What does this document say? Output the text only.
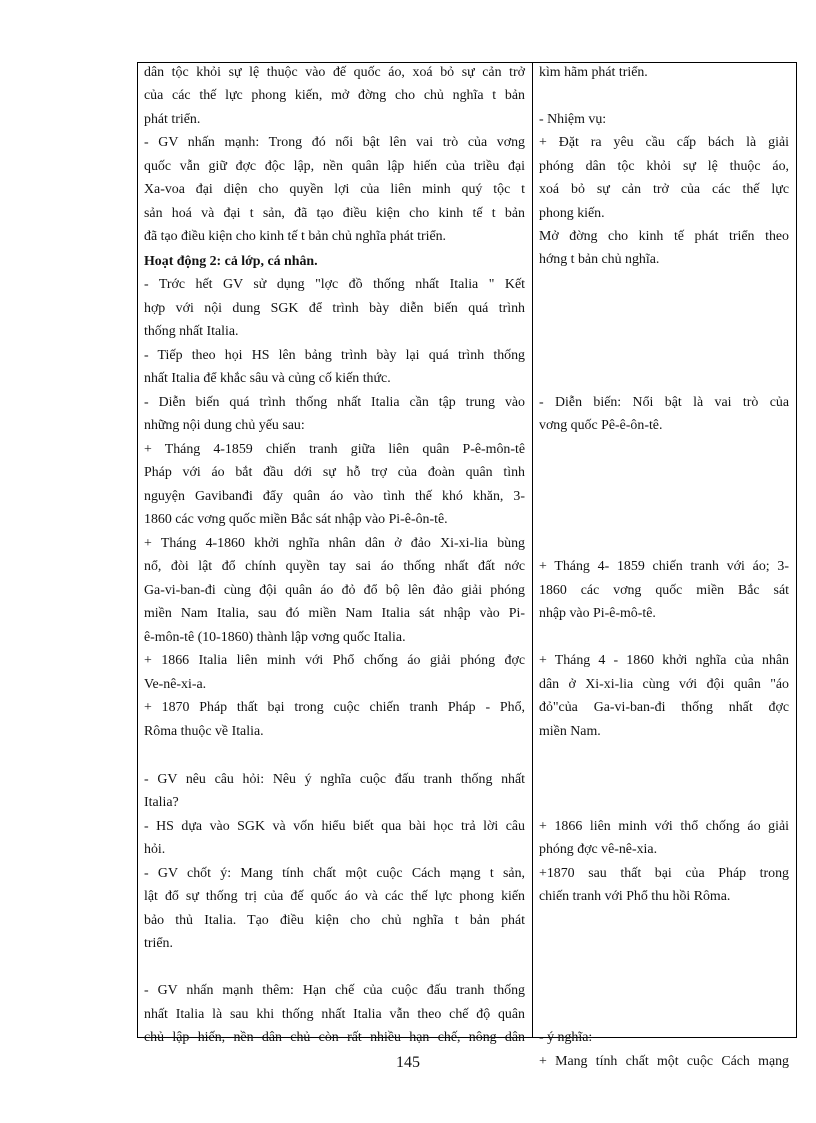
dân tộc khỏi sự lệ thuộc vào đế quốc áo, xoá bỏ sự cản trở
của các thế lực phong kiến, mở đờng cho chủ nghĩa t bản
phát triển.
- GV nhấn mạnh: Trong đó nổi bật lên vai trò của vơng
quốc vẫn giữ đợc độc lập, nền quân lập hiến của triều đại
Xa-voa đại diện cho quyền lợi của liên minh quý tộc t
sản hoá và đại t sản, đã tạo điều kiện cho kinh tế t bản
đã tạo điều kiện cho kinh tế t bản chủ nghĩa phát triển.
Hoạt động 2: cả lớp, cá nhân.
- Trớc hết GV sử dụng "lợc đồ thống nhất Italia " Kết
hợp với nội dung SGK để trình bày diễn biến quá trình
thống nhất Italia.
- Tiếp theo họi HS lên bảng trình bày lại quá trình thống
nhất Italia để khắc sâu và củng cố kiến thức.
- Diễn biến quá trình thống nhất Italia cần tập trung vào
những nội dung chủ yếu sau:
+ Tháng 4-1859 chiến tranh giữa liên quân P-ê-môn-tê
Pháp với áo bắt đầu dới sự hỗ trợ của đoàn quân tình
nguyện Gavibanđi đẩy quân áo vào tình thế khó khăn, 3-
1860 các vơng quốc miền Bắc sát nhập vào Pi-ê-ôn-tê.
+ Tháng 4-1860 khởi nghĩa nhân dân ở đảo Xi-xi-lia bùng
nổ, đòi lật đổ chính quyền tay sai áo thống nhất đất nớc
Ga-vi-ban-đi cùng đội quân áo đỏ đổ bộ lên đảo giải phóng
miền Nam Italia, sau đó miền Nam Italia sát nhập vào Pi-
ê-môn-tê (10-1860) thành lập vơng quốc Italia.
+ 1866 Italia liên minh với Phổ chống áo giải phóng đợc
Ve-nê-xi-a.
+ 1870 Pháp thất bại trong cuộc chiến tranh Pháp - Phổ,
Rôma thuộc về Italia.
- GV nêu câu hỏi: Nêu ý nghĩa cuộc đấu tranh thống nhất
Italia?
- HS dựa vào SGK và vốn hiểu biết qua bài học trả lời câu
hỏi.
- GV chốt ý: Mang tính chất một cuộc Cách mạng t sản,
lật đổ sự thống trị của đế quốc áo và các thế lực phong kiến
bảo thủ Italia. Tạo điều kiện cho chủ nghĩa t bản phát
triển.
- GV nhấn mạnh thêm: Hạn chế của cuộc đấu tranh thống
nhất Italia là sau khi thống nhất Italia vẫn theo chế độ quân
chủ lập hiến, nền dân chủ còn rất nhiều hạn chế, nông dân
kìm hãm phát triển.
- Nhiệm vụ:
+ Đặt ra yêu cầu cấp bách là giải
phóng dân tộc khỏi sự lệ thuộc áo,
xoá bỏ sự cản trở của các thế lực
phong kiến.
Mở đờng cho kinh tế phát triển theo
hớng t bản chủ nghĩa.
- Diễn biến: Nổi bật là vai trò của
vơng quốc Pê-ê-ôn-tê.
+ Tháng 4- 1859 chiến tranh với áo; 3-
1860 các vơng quốc miền Bắc sát
nhập vào Pi-ê-mô-tê.
+ Tháng 4 - 1860 khởi nghĩa của nhân
dân ở Xi-xi-lia cùng với đội quân "áo
đỏ"của Ga-vi-ban-đi thống nhất đợc
miền Nam.
+ 1866 liên minh với thổ chống áo giải
phóng đợc vê-nê-xia.
+1870 sau thất bại của Pháp trong
chiến tranh với Phổ thu hồi Rôma.
- ý nghĩa:
+ Mang tính chất một cuộc Cách mạng
145
